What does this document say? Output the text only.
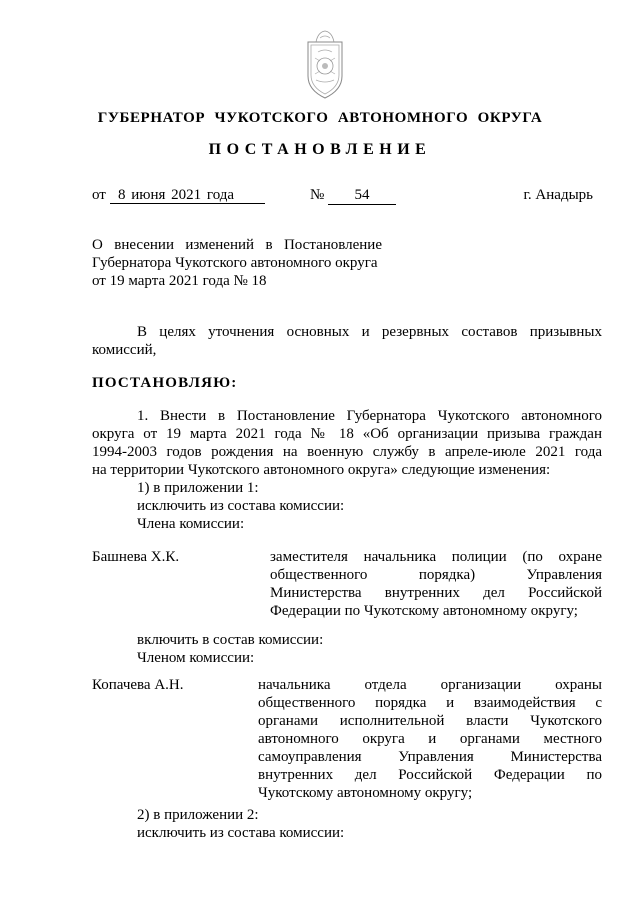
ГУБЕРНАТОР ЧУКОТСКОГО АВТОНОМНОГО ОКРУГА
ПОСТАНОВЛЕНИЕ
от 8 июня 2021 года	№	54	г. Анадырь
О внесении изменений в Постановление
Губернатора Чукотского автономного округа
от 19 марта 2021 года № 18
В целях уточнения основных и резервных составов призывных
комиссий,
ПОСТАНОВЛЯЮ:
1. Внести в Постановление Губернатора Чукотского автономного
округа от 19 марта 2021 года № 18 «Об организации призыва граждан
1994-2003 годов рождения на военную службу в апреле-июле 2021 года
на территории Чукотского автономного округа» следующие изменения:
1) в приложении 1:
исключить из состава комиссии:
Члена комиссии:
Башнева Х.К.	заместителя начальника полиции (по охране
общественного порядка) Управления
Министерства внутренних дел Российской
Федерации по Чукотскому автономному округу;
включить в состав комиссии:
Членом комиссии:
Копачева А.Н.	начальника отдела организации охраны
общественного порядка и взаимодействия с
органами исполнительной власти Чукотского
автономного округа и органами местного
самоуправления Управления Министерства
внутренних дел Российской Федерации по
Чукотскому автономному округу;
2) в приложении 2:
исключить из состава комиссии:
